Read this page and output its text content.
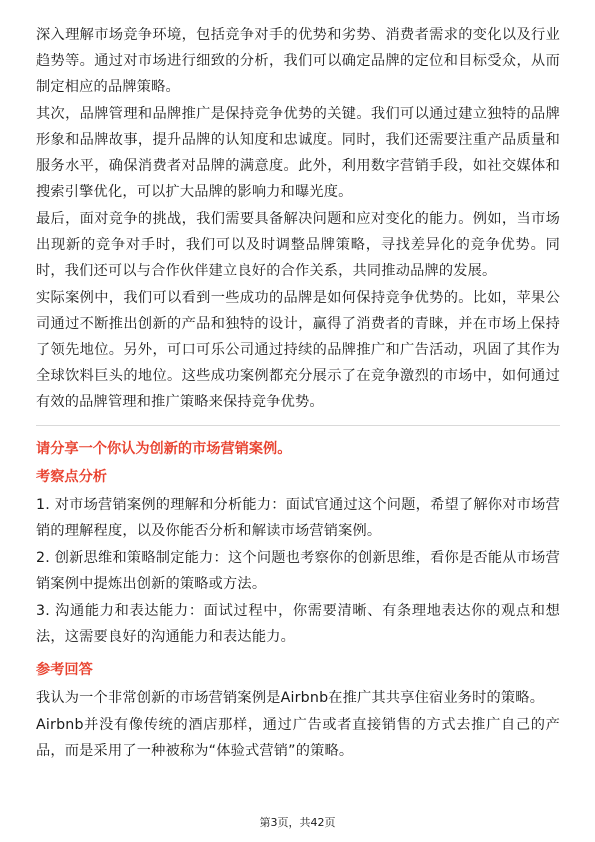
深入理解市场竞争环境，包括竞争对手的优势和劣势、消费者需求的变化以及行业趋势等。通过对市场进行细致的分析，我们可以确定品牌的定位和目标受众，从而制定相应的品牌策略。

其次，品牌管理和品牌推广是保持竞争优势的关键。我们可以通过建立独特的品牌形象和品牌故事，提升品牌的认知度和忠诚度。同时，我们还需要注重产品质量和服务水平，确保消费者对品牌的满意度。此外，利用数字营销手段，如社交媒体和搜索引擎优化，可以扩大品牌的影响力和曝光度。

最后，面对竞争的挑战，我们需要具备解决问题和应对变化的能力。例如，当市场出现新的竞争对手时，我们可以及时调整品牌策略，寻找差异化的竞争优势。同时，我们还可以与合作伙伴建立良好的合作关系，共同推动品牌的发展。

实际案例中，我们可以看到一些成功的品牌是如何保持竞争优势的。比如，苹果公司通过不断推出创新的产品和独特的设计，赢得了消费者的青睐，并在市场上保持了领先地位。另外，可口可乐公司通过持续的品牌推广和广告活动，巩固了其作为全球饮料巨头的地位。这些成功案例都充分展示了在竞争激烈的市场中，如何通过有效的品牌管理和推广策略来保持竞争优势。

请分享一个你认为创新的市场营销案例。
考察点分析

1. 对市场营销案例的理解和分析能力：面试官通过这个问题，希望了解你对市场营销的理解程度，以及你能否分析和解读市场营销案例。

2. 创新思维和策略制定能力：这个问题也考察你的创新思维，看你是否能从市场营销案例中提炼出创新的策略或方法。

3. 沟通能力和表达能力：面试过程中，你需要清晰、有条理地表达你的观点和想法，这需要良好的沟通能力和表达能力。

参考回答

我认为一个非常创新的市场营销案例是Airbnb在推广其共享住宿业务时的策略。

Airbnb并没有像传统的酒店那样，通过广告或者直接销售的方式去推广自己的产品，而是采用了一种被称为“体验式营销”的策略。

第3页，共42页
